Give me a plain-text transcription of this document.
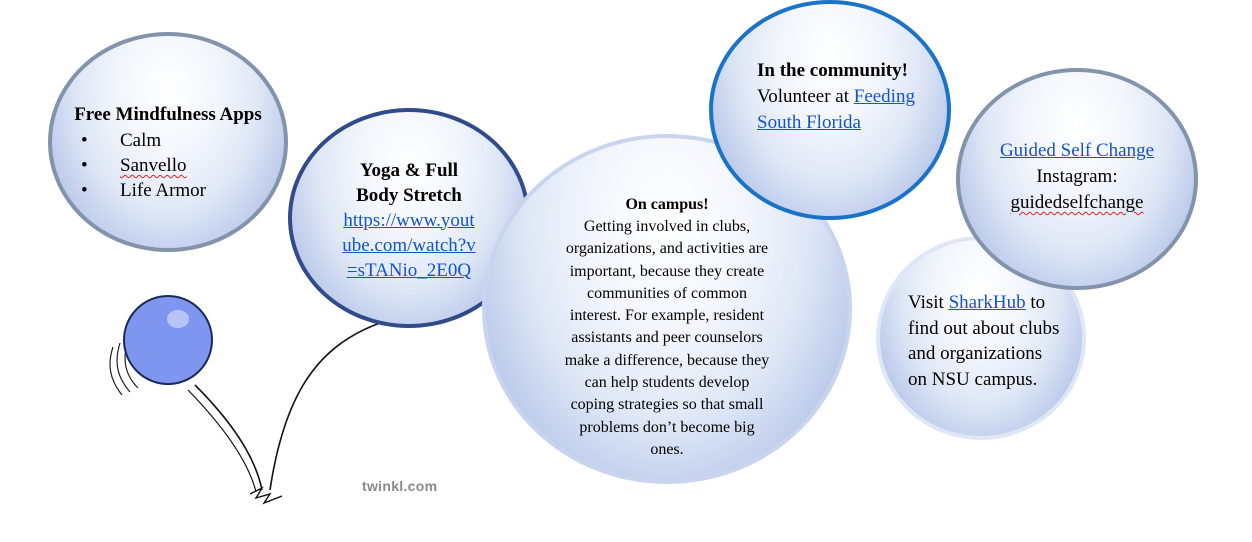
Free Mindfulness Apps
• Calm
• Sanvello
• Life Armor
Yoga & Full
Body Stretch
https://www.yout
ube.com/watch?v
=sTANio_2E0Q
On campus!
Getting involved in clubs,
organizations, and activities are
important, because they create
communities of common
interest. For example, resident
assistants and peer counselors
make a difference, because they
can help students develop
coping strategies so that small
problems don’t become big
ones.
In the community!
Volunteer at Feeding
South Florida
Visit SharkHub to
find out about clubs
and organizations
on NSU campus.
Guided Self Change
Instagram:
guidedselfchange
twinkl.com
